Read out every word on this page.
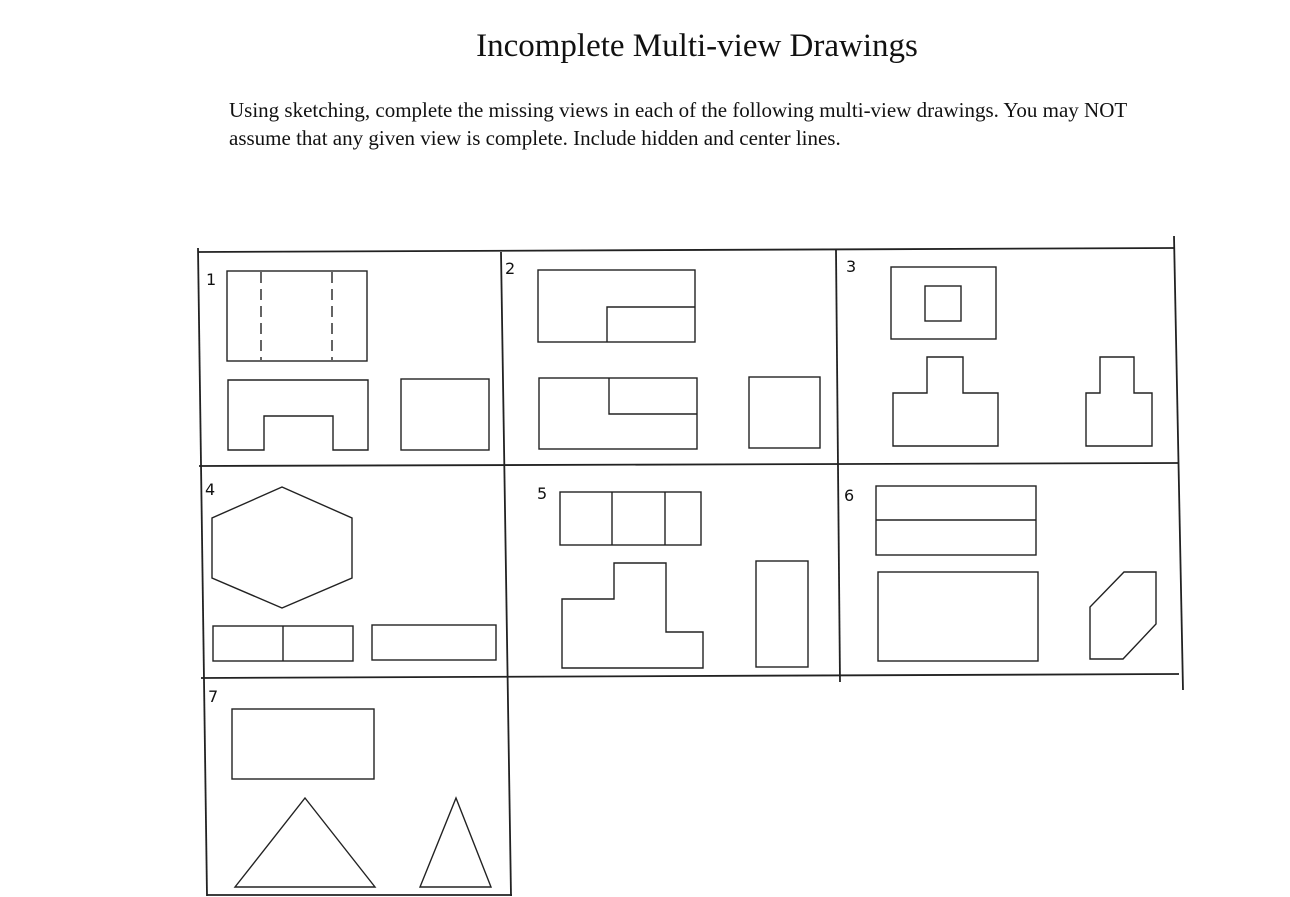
Incomplete Multi-view Drawings

Using sketching, complete the missing views in each of the following multi-view drawings. You may NOT assume that any given view is complete. Include hidden and center lines.

1
2	3
4	5	6
7
